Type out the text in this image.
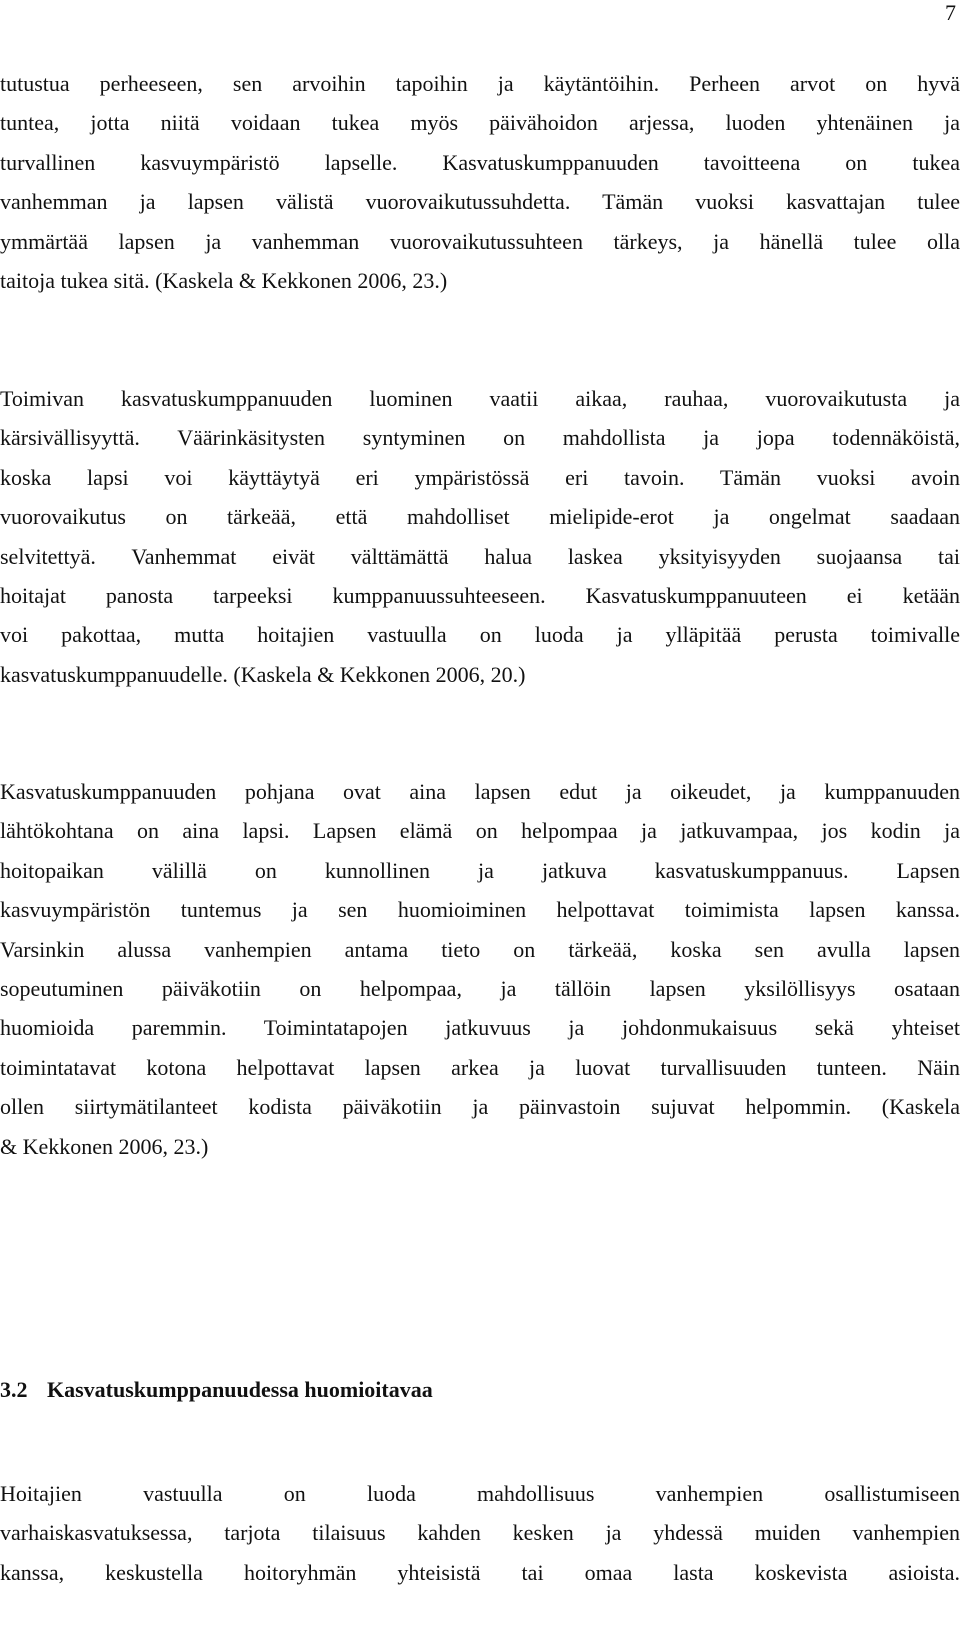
7
tutustua perheeseen, sen arvoihin tapoihin ja käytäntöihin. Perheen arvot on hyvä
tuntea, jotta niitä voidaan tukea myös päivähoidon arjessa, luoden yhtenäinen ja
turvallinen kasvuympäristö lapselle. Kasvatuskumppanuuden tavoitteena on tukea
vanhemman ja lapsen välistä vuorovaikutussuhdetta. Tämän vuoksi kasvattajan tulee
ymmärtää lapsen ja vanhemman vuorovaikutussuhteen tärkeys, ja hänellä tulee olla
taitoja tukea sitä. (Kaskela & Kekkonen 2006, 23.)
Toimivan kasvatuskumppanuuden luominen vaatii aikaa, rauhaa, vuorovaikutusta ja
kärsivällisyyttä. Väärinkäsitysten syntyminen on mahdollista ja jopa todennäköistä,
koska lapsi voi käyttäytyä eri ympäristössä eri tavoin. Tämän vuoksi avoin
vuorovaikutus on tärkeää, että mahdolliset mielipide-erot ja ongelmat saadaan
selvitettyä. Vanhemmat eivät välttämättä halua laskea yksityisyyden suojaansa tai
hoitajat panosta tarpeeksi kumppanuussuhteeseen. Kasvatuskumppanuuteen ei ketään
voi pakottaa, mutta hoitajien vastuulla on luoda ja ylläpitää perusta toimivalle
kasvatuskumppanuudelle. (Kaskela & Kekkonen 2006, 20.)
Kasvatuskumppanuuden pohjana ovat aina lapsen edut ja oikeudet, ja kumppanuuden
lähtökohtana on aina lapsi. Lapsen elämä on helpompaa ja jatkuvampaa, jos kodin ja
hoitopaikan välillä on kunnollinen ja jatkuva kasvatuskumppanuus. Lapsen
kasvuympäristön tuntemus ja sen huomioiminen helpottavat toimimista lapsen kanssa.
Varsinkin alussa vanhempien antama tieto on tärkeää, koska sen avulla lapsen
sopeutuminen päiväkotiin on helpompaa, ja tällöin lapsen yksilöllisyys osataan
huomioida paremmin. Toimintatapojen jatkuvuus ja johdonmukaisuus sekä yhteiset
toimintatavat kotona helpottavat lapsen arkea ja luovat turvallisuuden tunteen. Näin
ollen siirtymätilanteet kodista päiväkotiin ja päinvastoin sujuvat helpommin. (Kaskela
& Kekkonen 2006, 23.)
3.2 Kasvatuskumppanuudessa huomioitavaa
Hoitajien vastuulla on luoda mahdollisuus vanhempien osallistumiseen
varhaiskasvatuksessa, tarjota tilaisuus kahden kesken ja yhdessä muiden vanhempien
kanssa, keskustella hoitoryhmän yhteisistä tai omaa lasta koskevista asioista.
